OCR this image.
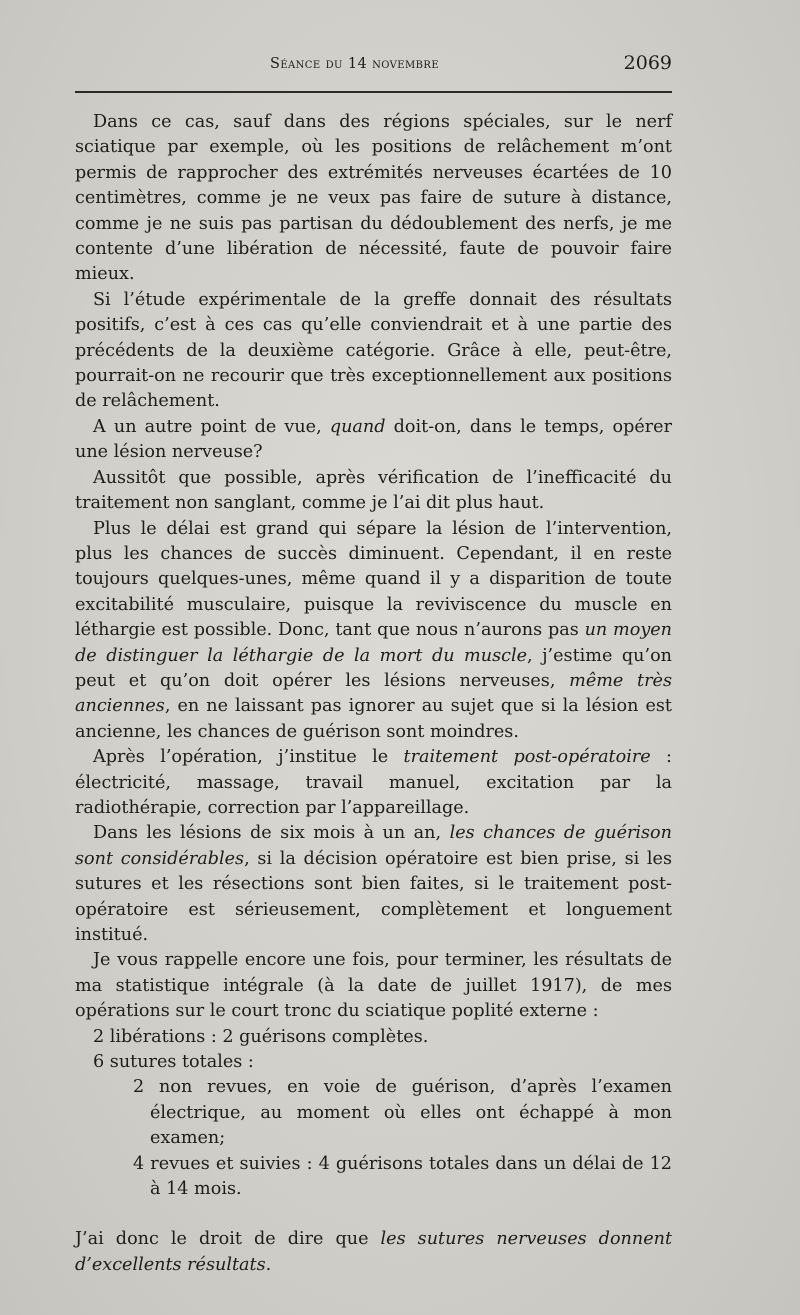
Séance du 14 novembre	2069

Dans ce cas, sauf dans des régions spéciales, sur le nerf sciatique par exemple, où les positions de relâchement m’ont permis de rapprocher des extrémités nerveuses écartées de 10 centimètres, comme je ne veux pas faire de suture à distance, comme je ne suis pas partisan du dédoublement des nerfs, je me contente d’une libération de nécessité, faute de pouvoir faire mieux.

Si l’étude expérimentale de la greffe donnait des résultats positifs, c’est à ces cas qu’elle conviendrait et à une partie des précédents de la deuxième catégorie. Grâce à elle, peut-être, pourrait-on ne recourir que très exceptionnellement aux positions de relâchement.

A un autre point de vue, quand doit-on, dans le temps, opérer une lésion nerveuse?

Aussitôt que possible, après vérification de l’inefficacité du traitement non sanglant, comme je l’ai dit plus haut.

Plus le délai est grand qui sépare la lésion de l’intervention, plus les chances de succès diminuent. Cependant, il en reste toujours quelques-unes, même quand il y a disparition de toute excitabilité musculaire, puisque la reviviscence du muscle en léthargie est possible. Donc, tant que nous n’aurons pas un moyen de distinguer la léthargie de la mort du muscle, j’estime qu’on peut et qu’on doit opérer les lésions nerveuses, même très anciennes, en ne laissant pas ignorer au sujet que si la lésion est ancienne, les chances de guérison sont moindres.

Après l’opération, j’institue le traitement post-opératoire : électricité, massage, travail manuel, excitation par la radiothérapie, correction par l’appareillage.

Dans les lésions de six mois à un an, les chances de guérison sont considérables, si la décision opératoire est bien prise, si les sutures et les résections sont bien faites, si le traitement post-opératoire est sérieusement, complètement et longuement institué.

Je vous rappelle encore une fois, pour terminer, les résultats de ma statistique intégrale (à la date de juillet 1917), de mes opérations sur le court tronc du sciatique poplité externe :

2 libérations : 2 guérisons complètes.
6 sutures totales :
2 non revues, en voie de guérison, d’après l’examen électrique, au moment où elles ont échappé à mon examen;
4 revues et suivies : 4 guérisons totales dans un délai de 12 à 14 mois.

J’ai donc le droit de dire que les sutures nerveuses donnent d’excellents résultats.
